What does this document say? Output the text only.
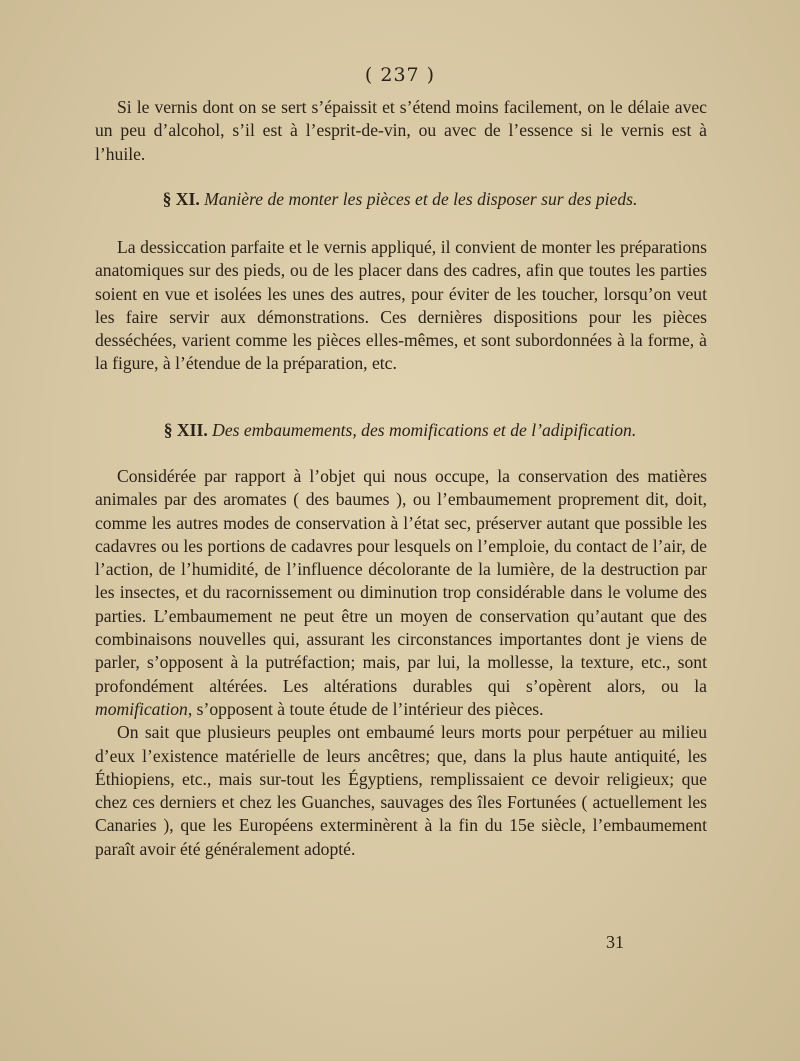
( 237 )

Si le vernis dont on se sert s’épaissit et s’étend moins facilement, on le délaie avec un peu d’alcohol, s’il est à l’esprit-de-vin, ou avec de l’essence si le vernis est à l’huile.

§ XI. Manière de monter les pièces et de les disposer sur des pieds.

La dessiccation parfaite et le vernis appliqué, il convient de monter les préparations anatomiques sur des pieds, ou de les placer dans des cadres, afin que toutes les parties soient en vue et isolées les unes des autres, pour éviter de les toucher, lorsqu’on veut les faire servir aux démonstrations. Ces dernières dispositions pour les pièces desséchées, varient comme les pièces elles-mêmes, et sont subordonnées à la forme, à la figure, à l’étendue de la préparation, etc.

§ XII. Des embaumements, des momifications et de l’adipification.

Considérée par rapport à l’objet qui nous occupe, la conservation des matières animales par des aromates ( des baumes ), ou l’embaumement proprement dit, doit, comme les autres modes de conservation à l’état sec, préserver autant que possible les cadavres ou les portions de cadavres pour lesquels on l’emploie, du contact de l’air, de l’action, de l’humidité, de l’influence décolorante de la lumière, de la destruction par les insectes, et du racornissement ou diminution trop considérable dans le volume des parties. L’embaumement ne peut être un moyen de conservation qu’autant que des combinaisons nouvelles qui, assurant les circonstances importantes dont je viens de parler, s’opposent à la putréfaction; mais, par lui, la mollesse, la texture, etc., sont profondément altérées. Les altérations durables qui s’opèrent alors, ou la momification, s’opposent à toute étude de l’intérieur des pièces.

On sait que plusieurs peuples ont embaumé leurs morts pour perpétuer au milieu d’eux l’existence matérielle de leurs ancêtres; que, dans la plus haute antiquité, les Éthiopiens, etc., mais sur-tout les Égyptiens, remplissaient ce devoir religieux; que chez ces derniers et chez les Guanches, sauvages des îles Fortunées ( actuellement les Canaries ), que les Européens exterminèrent à la fin du 15e siècle, l’embaumement paraît avoir été généralement adopté.

31
